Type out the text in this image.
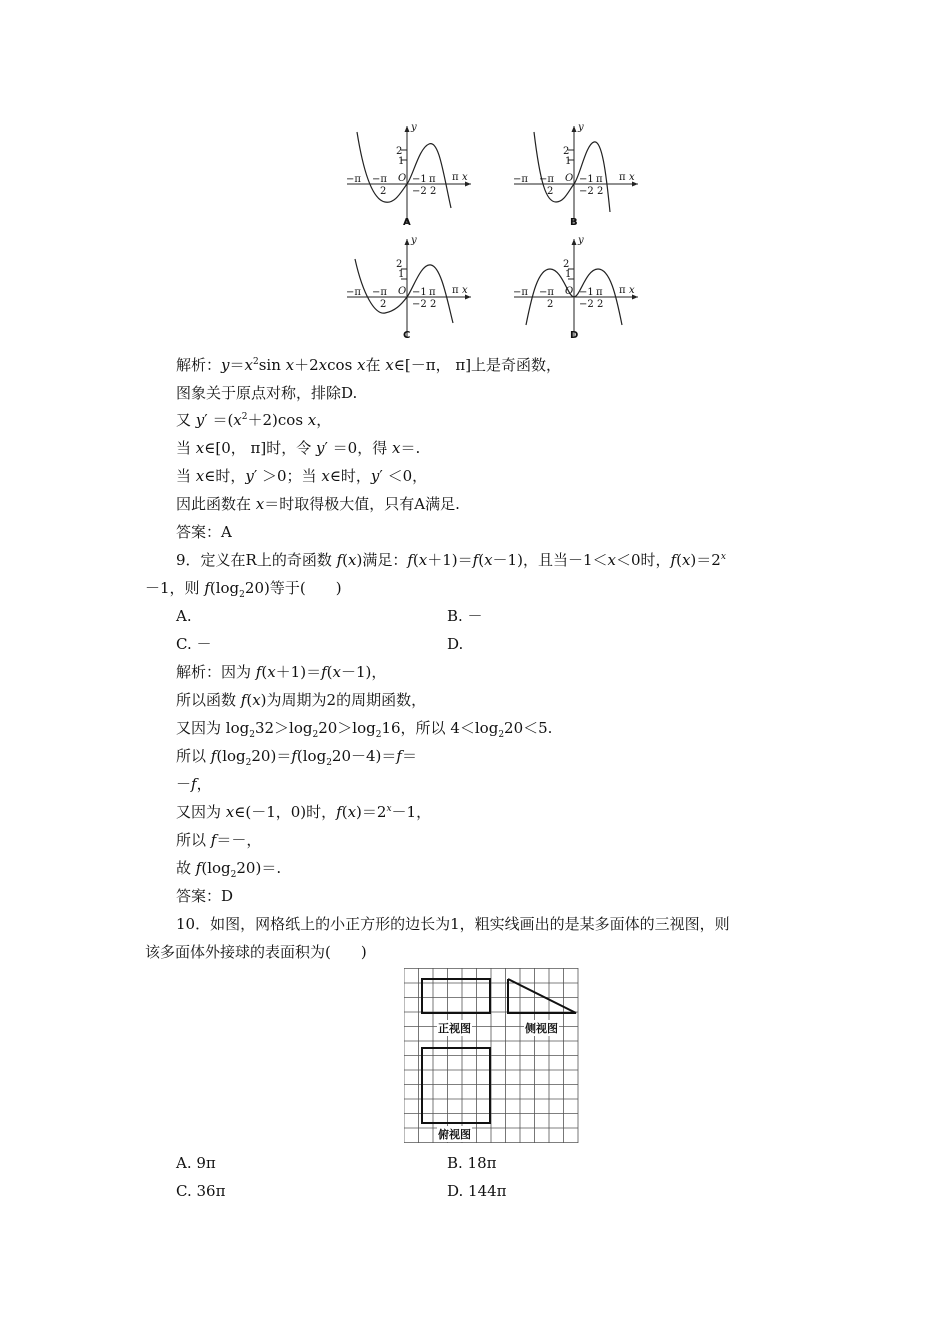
y
x
2
1
O
−π −π
2
−1
−2
π
2
π
y
x
2
1
O
−π −π
2
−1
−2
π
2
π
y
x
2
1
O
−π −π
2
−1
−2
π
2
π
y
x
2
1
O
−π −π
2
−1
−2
π
2
π
A	B
C	D
解析：$y=x^2\sin$ x＋2xcos x在 x∈[－π， π]上是奇函数，
图象关于原点对称，排除D.
又 $y' =(x^2+2)\cos$ x，
当 x∈[0， π]时，令 y′ ＝0，得 x＝.
当 x∈时，y′ ＞0；当 x∈时，y′ ＜0，
因此函数在 x＝时取得极大值，只有A满足.
答案：A
9．定义在R上的奇函数 f(x)满足：f(x＋1)＝f(x－1)，且当－1＜x＜0时，$f(x)=2^x$
－1，则 $f(\log_220)$等于(　　)
A.	B. －
C. －	D.
解析：因为 f(x＋1)＝f(x－1)，
所以函数 f(x)为周期为2的周期函数，
又因为 $\log_232>\log_220>\log_216$，所以 $4<\log_220<5$.
所以 $f(\log_220)=f(\log_220-4)=f=$
－f，
又因为 x∈(－1，0)时，$f(x)=2^x-1$，
所以 f＝－，
故 $f(\log_220)=$.
答案：D
10．如图，网格纸上的小正方形的边长为1，粗实线画出的是某多面体的三视图，则
该多面体外接球的表面积为(　　)
正视图	侧视图
俯视图
A. 9π	B. 18π
C. 36π	D. 144π
